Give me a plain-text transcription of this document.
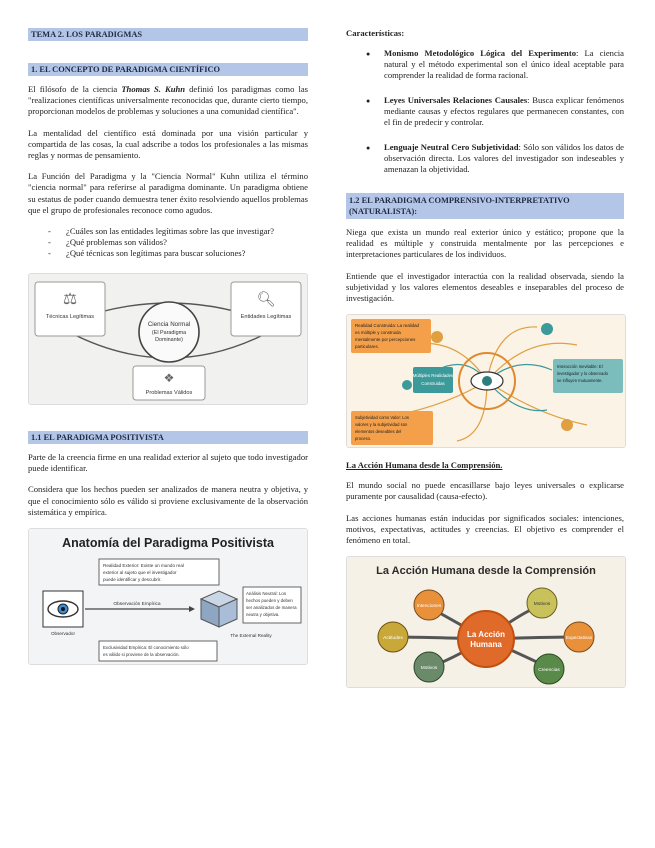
TEMA 2. LOS PARADIGMAS
1. EL CONCEPTO DE PARADIGMA CIENTÍFICO

El filósofo de la ciencia Thomas S. Kuhn definió los paradigmas como las "realizaciones científicas universalmente reconocidas que, durante cierto tiempo, proporcionan modelos de problemas y soluciones a una comunidad científica".

La mentalidad del científico está dominada por una visión particular y compartida de las cosas, la cual adscribe a todos los profesionales a las mismas reglas y normas de pensamiento.

La Función del Paradigma y la "Ciencia Normal" Kuhn utiliza el término "ciencia normal" para referirse al paradigma dominante. Un paradigma obtiene su estatus de poder cuando demuestra tener éxito resolviendo aquellos problemas que el grupo de profesionales reconoce como agudos.

- ¿Cuáles son las entidades legítimas sobre las que investigar?
- ¿Qué problemas son válidos?
- ¿Qué técnicas son legítimas para buscar soluciones?
Ciencia Normal
(El Paradigma
Dominante)
⚖
Técnicas Legítimas
🔍︎
Entidades Legítimas
❖
Problemas Válidos
1.1 EL PARADIGMA POSITIVISTA

Parte de la creencia firme en una realidad exterior al sujeto que todo investigador puede identificar.

Considera que los hechos pueden ser analizados de manera neutra y objetiva, y que el conocimiento sólo es válido si proviene exclusivamente de la observación sistemática y empírica.

Anatomía del Paradigma Positivista
Realidad Exterior: Existe un mundo real
exterior al sujeto que el investigador
puede identificar y descubrir.
Observador
Observación Empírica
The External Reality
Análisis Neutral: Los
hechos pueden y deben
ser analizados de manera
neutra y objetiva.
Exclusividad Empírica: El conocimiento sólo
es válido si proviene de la observación.
Características:
● Monismo Metodológico Lógica del Experimento: La ciencia natural y el método experimental son el único ideal aceptable para comprender la realidad de forma racional.
● Leyes Universales Relaciones Causales: Busca explicar fenómenos mediante causas y efectos regulares que permanecen constantes, con el fin de predecir y controlar.
● Lenguaje Neutral Cero Subjetividad: Sólo son válidos los datos de observación directa. Los valores del investigador son indeseables y amenazan la objetividad.
1.2 EL PARADIGMA COMPRENSIVO-INTERPRETATIVO (NATURALISTA):

Niega que exista un mundo real exterior único y estático; propone que la realidad es múltiple y construida mentalmente por las percepciones e interpretaciones particulares de los individuos.

Entiende que el investigador interactúa con la realidad observada, siendo la subjetividad y los valores elementos deseables e inseparables del proceso de investigación.

Realidad Construida: La realidad
es múltiple y construida
mentalmente por percepciones
particulares.
Múltiples Realidades
Construidas
Interacción Inevitable: El
investigador y lo observado
se influyen mutuamente.
Subjetividad como Valor: Los
valores y la subjetividad son
elementos deseables del
proceso.
La Acción Humana desde la Comprensión.

El mundo social no puede encasillarse bajo leyes universales o explicarse puramente por causalidad (causa-efecto).

Las acciones humanas están inducidas por significados sociales: intenciones, motivos, expectativas, actitudes y creencias. El objetivo es comprender el fenómeno en total.

La Acción Humana desde la Comprensión
La Acción
Humana
Intenciones	Motivos
Expectativas
Creencias
Motivos
Actitudes
